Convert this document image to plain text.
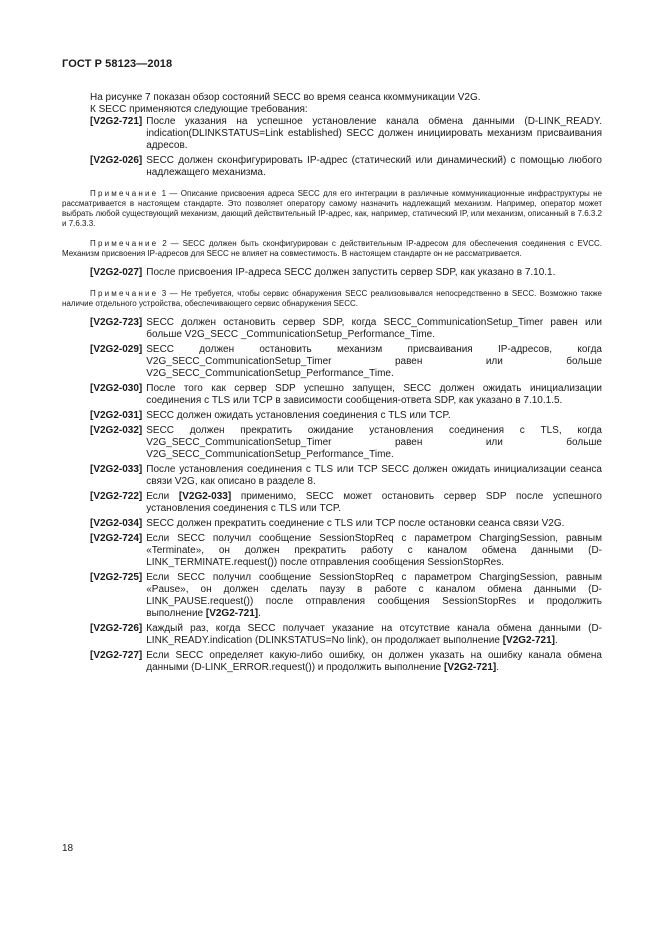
ГОСТ Р 58123—2018

На рисунке 7 показан обзор состояний SECC во время сеанса ккоммуникации V2G.

К SECC применяются следующие требования:

[V2G2-721] После указания на успешное установление канала обмена данными (D-LINK_READY. indication(DLINKSTATUS=Link established) SECC должен инициировать механизм присваивания адресов.
[V2G2-026] SECC должен сконфигурировать IP-адрес (статический или динамический) с помощью любого надлежащего механизма.
Примечание 1 — Описание присвоения адреса SECC для его интеграции в различные коммуникационные инфраструктуры не рассматривается в настоящем стандарте. Это позволяет оператору самому назначить надлежащий механизм. Например, оператор может выбрать любой существующий механизм, дающий действительный IP-адрес, как, например, статический IP, или механизм, описанный в 7.6.3.2 и 7.6.3.3.
Примечание 2 — SECC должен быть сконфигурирован с действительным IP-адресом для обеспечения соединения с EVCC. Механизм присвоения IP-адресов для SECC не влияет на совместимость. В настоящем стандарте он не рассматривается.
[V2G2-027] После присвоения IP-адреса SECC должен запустить сервер SDP, как указано в 7.10.1.
Примечание 3 — Не требуется, чтобы сервис обнаружения SECC реализовывался непосредственно в SECC. Возможно также наличие отдельного устройства, обеспечивающего сервис обнаружения SECC.
[V2G2-723] SECC должен остановить сервер SDP, когда SECC_CommunicationSetup_Timer равен или больше V2G_SECC _CommunicationSetup_Performance_Time.
[V2G2-029] SECC должен остановить механизм присваивания IP-адресов, когда V2G_SECC_CommunicationSetup_Timer равен или больше V2G_SECC_CommunicationSetup_Performance_Time.
[V2G2-030] После того как сервер SDP успешно запущен, SECC должен ожидать инициализации соединения с TLS или TCP в зависимости сообщения-ответа SDP, как указано в 7.10.1.5.
[V2G2-031] SECC должен ожидать установления соединения с TLS или TCP.
[V2G2-032] SECC должен прекратить ожидание установления соединения с TLS, когда V2G_SECC_CommunicationSetup_Timer равен или больше V2G_SECC_CommunicationSetup_Performance_Time.
[V2G2-033] После установления соединения с TLS или TCP SECC должен ожидать инициализации сеанса связи V2G, как описано в разделе 8.
[V2G2-722] Если [V2G2-033] применимо, SECC может остановить сервер SDP после успешного установления соединения с TLS или TCP.
[V2G2-034] SECC должен прекратить соединение с TLS или TCP после остановки сеанса связи V2G.
[V2G2-724] Если SECC получил сообщение SessionStopReq с параметром ChargingSession, равным «Terminate», он должен прекратить работу с каналом обмена данными (D-LINK_TERMINATE.request()) после отправления сообщения SessionStopRes.
[V2G2-725] Если SECC получил сообщение SessionStopReq с параметром ChargingSession, равным «Pause», он должен сделать паузу в работе с каналом обмена данными (D-LINK_PAUSE.request()) после отправления сообщения SessionStopRes и продолжить выполнение [V2G2-721].
[V2G2-726] Каждый раз, когда SECC получает указание на отсутствие канала обмена данными (D-LINK_READY.indication (DLINKSTATUS=No link), он продолжает выполнение [V2G2-721].
[V2G2-727] Если SECC определяет какую-либо ошибку, он должен указать на ошибку канала обмена данными (D-LINK_ERROR.request()) и продолжить выполнение [V2G2-721].
18
